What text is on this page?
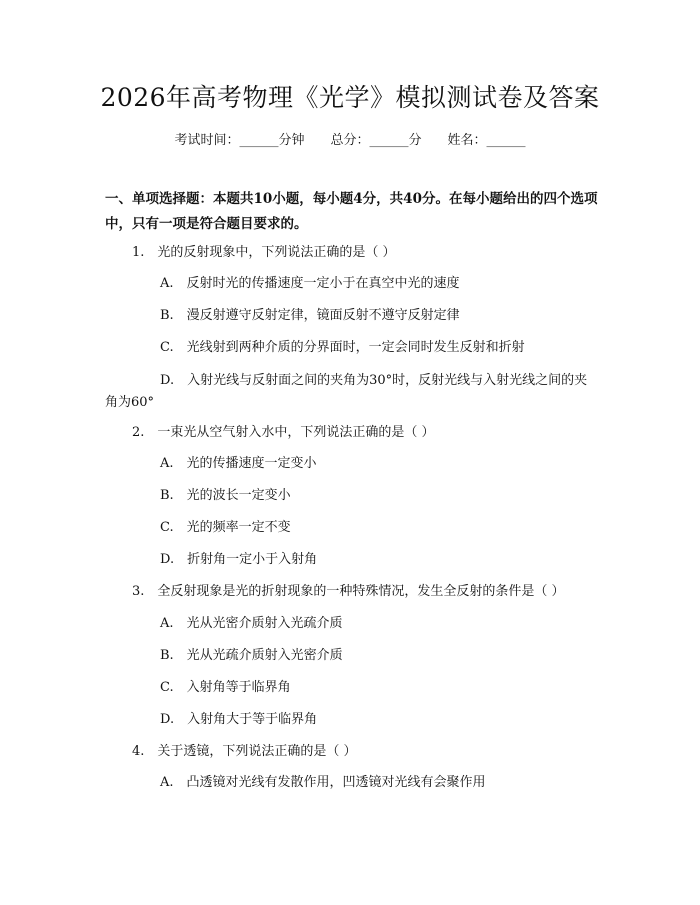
2026年高考物理《光学》模拟测试卷及答案
考试时间：______分钟 总分：______分 姓名：______
一、单项选择题：本题共10小题，每小题4分，共40分。在每小题给出的四个选项中，只有一项是符合题目要求的。
1.　光的反射现象中，下列说法正确的是（ ）
A.　反射时光的传播速度一定小于在真空中光的速度
B.　漫反射遵守反射定律，镜面反射不遵守反射定律
C.　光线射到两种介质的分界面时，一定会同时发生反射和折射
D.　入射光线与反射面之间的夹角为30°时，反射光线与入射光线之间的夹角为60°
2.　一束光从空气射入水中，下列说法正确的是（ ）
A.　光的传播速度一定变小
B.　光的波长一定变小
C.　光的频率一定不变
D.　折射角一定小于入射角
3.　全反射现象是光的折射现象的一种特殊情况，发生全反射的条件是（ ）
A.　光从光密介质射入光疏介质
B.　光从光疏介质射入光密介质
C.　入射角等于临界角
D.　入射角大于等于临界角
4.　关于透镜，下列说法正确的是（ ）
A.　凸透镜对光线有发散作用，凹透镜对光线有会聚作用
